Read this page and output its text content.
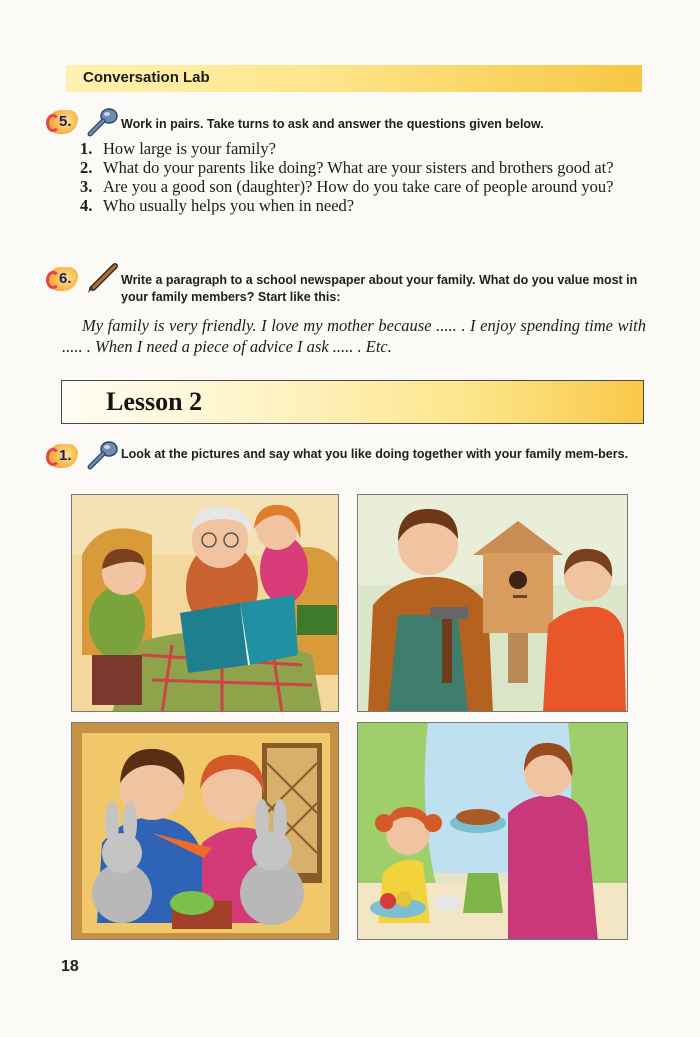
Conversation Lab
5.	Work in pairs. Take turns to ask and answer the questions given below.
1. How large is your family?
2. What do your parents like doing? What are your sisters and brothers good at?
3. Are you a good son (daughter)? How do you take care of people around you?
4. Who usually helps you when in need?
6.	Write a paragraph to a school newspaper about your family. What do you value most in your family members? Start like this:
My family is very friendly. I love my mother because ..... . I enjoy spending time with ..... . When I need a piece of advice I ask ..... . Etc.
Lesson 2
1.	Look at the pictures and say what you like doing together with your family mem-bers.
18
